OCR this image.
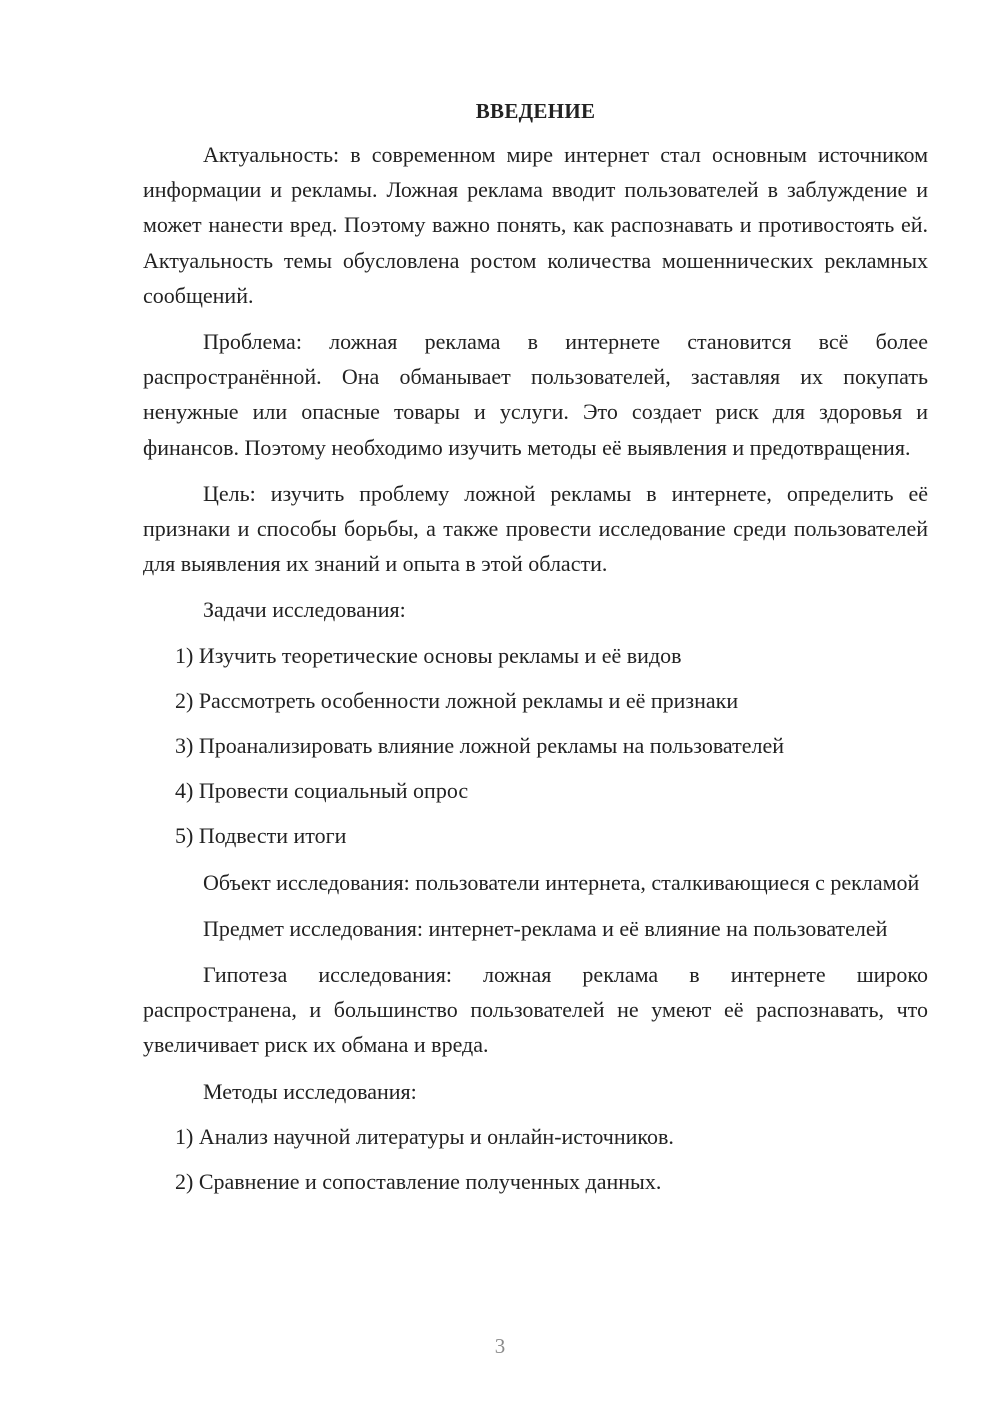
ВВЕДЕНИЕ

Актуальность: в современном мире интернет стал основным источником информации и рекламы. Ложная реклама вводит пользователей в заблуждение и может нанести вред. Поэтому важно понять, как распознавать и противостоять ей. Актуальность темы обусловлена ростом количества мошеннических рекламных сообщений.

Проблема: ложная реклама в интернете становится всё более распространённой. Она обманывает пользователей, заставляя их покупать ненужные или опасные товары и услуги. Это создает риск для здоровья и финансов. Поэтому необходимо изучить методы её выявления и предотвращения.

Цель: изучить проблему ложной рекламы в интернете, определить её признаки и способы борьбы, а также провести исследование среди пользователей для выявления их знаний и опыта в этой области.

Задачи исследования:

1) Изучить теоретические основы рекламы и её видов

2) Рассмотреть особенности ложной рекламы и её признаки

3) Проанализировать влияние ложной рекламы на пользователей

4) Провести социальный опрос

5) Подвести итоги

Объект исследования: пользователи интернета, сталкивающиеся с рекламой

Предмет исследования: интернет-реклама и её влияние на пользователей

Гипотеза исследования: ложная реклама в интернете широко распространена, и большинство пользователей не умеют её распознавать, что увеличивает риск их обмана и вреда.

Методы исследования:

1) Анализ научной литературы и онлайн-источников.

2) Сравнение и сопоставление полученных данных.

3
